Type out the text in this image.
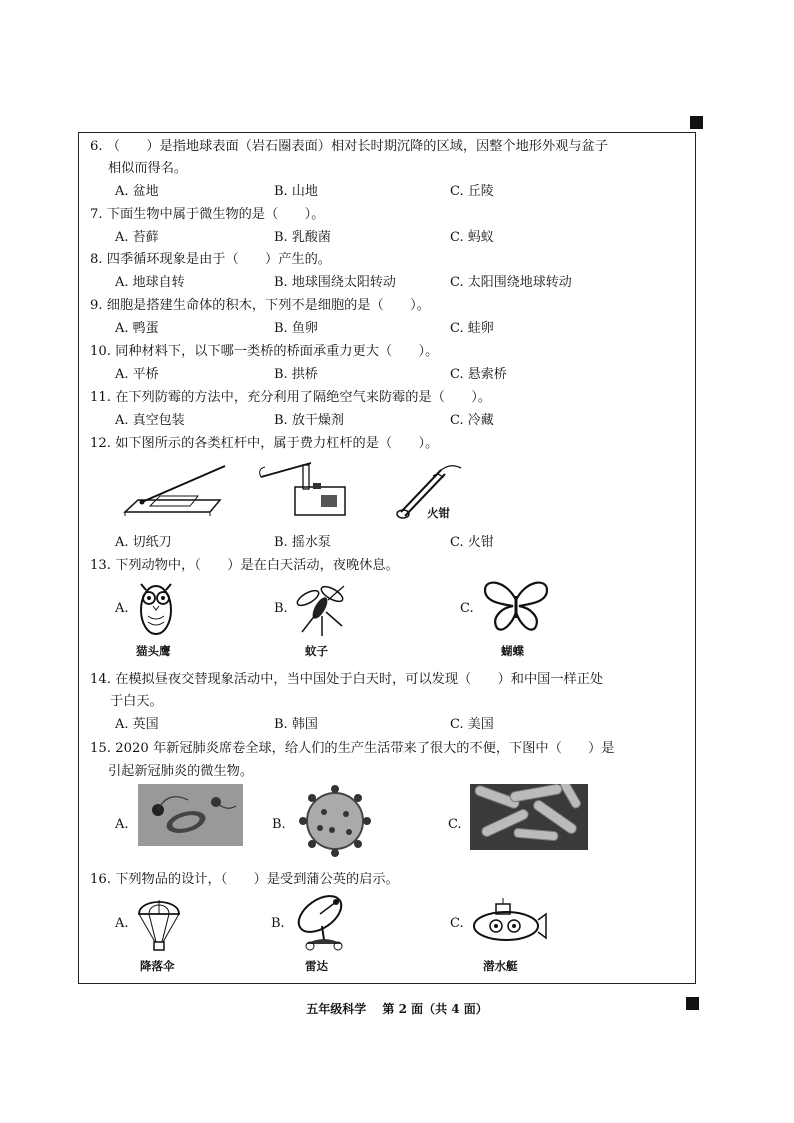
6. （　　）是指地球表面（岩石圈表面）相对长时期沉降的区域，因整个地形外观与盆子
相似而得名。
A. 盆地	B. 山地	C. 丘陵
7. 下面生物中属于微生物的是（　　）。
A. 苔藓	B. 乳酸菌	C. 蚂蚁
8. 四季循环现象是由于（　　）产生的。
A. 地球自转	B. 地球围绕太阳转动	C. 太阳围绕地球转动
9. 细胞是搭建生命体的积木，下列不是细胞的是（　　）。
A. 鸭蛋	B. 鱼卵	C. 蛙卵
10. 同种材料下，以下哪一类桥的桥面承重力更大（　　）。
A. 平桥	B. 拱桥	C. 悬索桥
11. 在下列防霉的方法中，充分利用了隔绝空气来防霉的是（　　）。
A. 真空包装	B. 放干燥剂	C. 冷藏
12. 如下图所示的各类杠杆中，属于费力杠杆的是（　　）。
火钳
A. 切纸刀	B. 摇水泵	C. 火钳
13. 下列动物中，（　　）是在白天活动，夜晚休息。
A.
猫头鹰
B.
蚊子
C.
蝴蝶
14. 在模拟昼夜交替现象活动中，当中国处于白天时，可以发现（　　）和中国一样正处
于白天。
A. 英国	B. 韩国	C. 美国
15. 2020 年新冠肺炎席卷全球，给人们的生产生活带来了很大的不便，下图中（　　）是
引起新冠肺炎的微生物。
A.	B.	C.
16. 下列物品的设计，（　　）是受到蒲公英的启示。
A.
降落伞
B.
雷达
C.
潜水艇
五年级科学 第 2 面（共 4 面）
